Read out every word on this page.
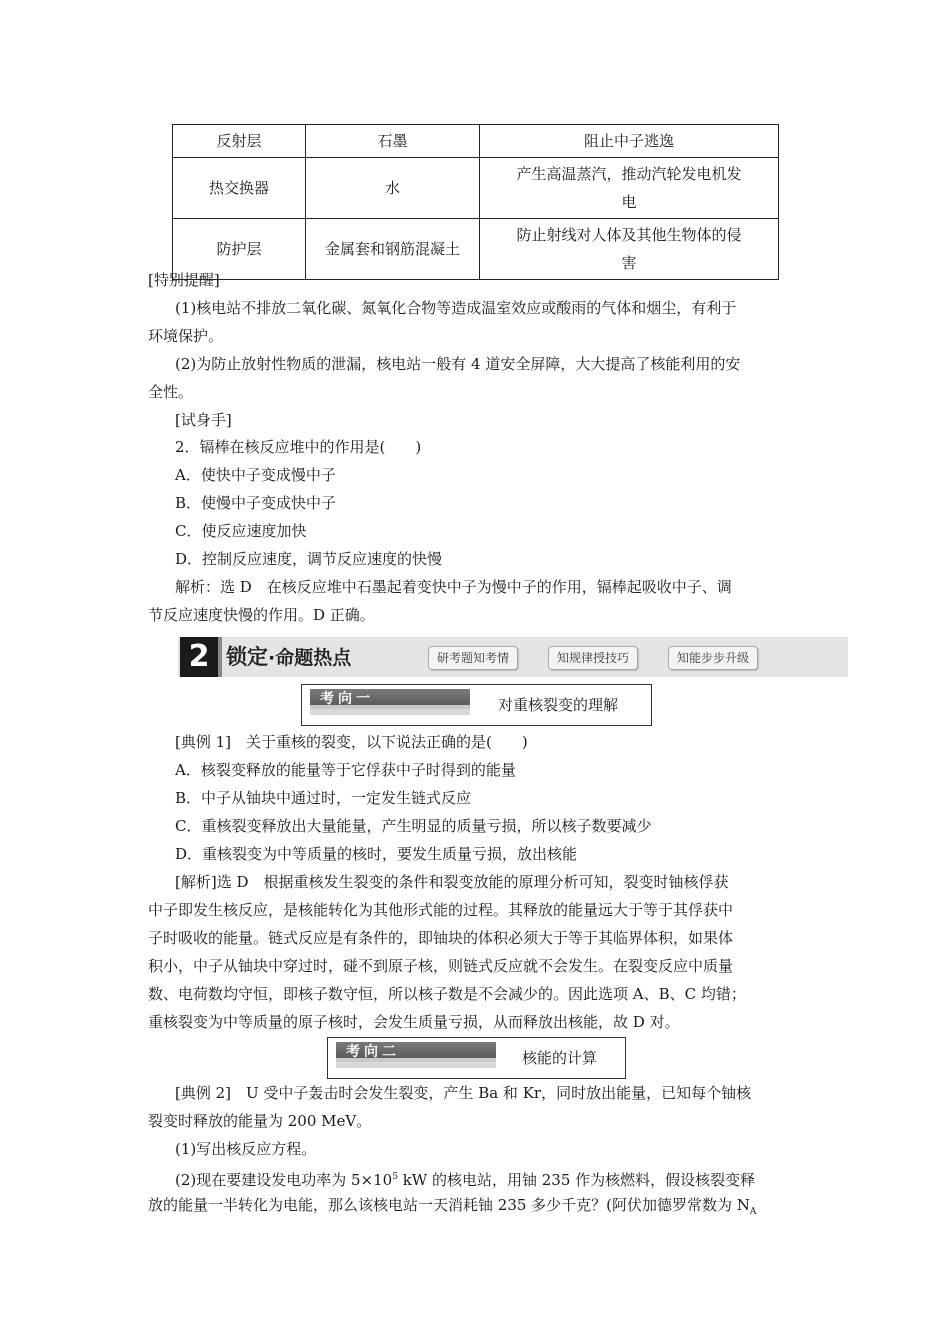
反射层	石墨	阻止中子逃逸
热交换器	水	产生高温蒸汽，推动汽轮发电机发
电
防护层	金属套和钢筋混凝土	防止射线对人体及其他生物体的侵
害

[特别提醒]

(1)核电站不排放二氧化碳、氮氧化合物等造成温室效应或酸雨的气体和烟尘，有利于

环境保护。

(2)为防止放射性物质的泄漏，核电站一般有 4 道安全屏障，大大提高了核能利用的安

全性。

[试身手]

2．镉棒在核反应堆中的作用是(　　)

A．使快中子变成慢中子

B．使慢中子变成快中子

C．使反应速度加快

D．控制反应速度，调节反应速度的快慢

解析：选 D　在核反应堆中石墨起着变快中子为慢中子的作用，镉棒起吸收中子、调

节反应速度快慢的作用。D 正确。

2 锁定·命题热点	研考题知考情	知规律授技巧	知能步步升级
考向一	对重核裂变的理解

[典例 1]　关于重核的裂变，以下说法正确的是(　　)

A．核裂变释放的能量等于它俘获中子时得到的能量

B．中子从铀块中通过时，一定发生链式反应

C．重核裂变释放出大量能量，产生明显的质量亏损，所以核子数要减少

D．重核裂变为中等质量的核时，要发生质量亏损，放出核能

[解析]选 D　根据重核发生裂变的条件和裂变放能的原理分析可知，裂变时铀核俘获

中子即发生核反应，是核能转化为其他形式能的过程。其释放的能量远大于等于其俘获中

子时吸收的能量。链式反应是有条件的，即铀块的体积必须大于等于其临界体积，如果体

积小，中子从铀块中穿过时，碰不到原子核，则链式反应就不会发生。在裂变反应中质量

数、电荷数均守恒，即核子数守恒，所以核子数是不会减少的。因此选项 A、B、C 均错；

重核裂变为中等质量的原子核时，会发生质量亏损，从而释放出核能，故 D 对。

考向二	核能的计算

[典例 2]　U 受中子轰击时会发生裂变，产生 Ba 和 Kr，同时放出能量，已知每个铀核

裂变时释放的能量为 200 MeV。

(1)写出核反应方程。

(2)现在要建设发电功率为 $5\times 10^5$ kW 的核电站，用铀 235 作为核燃料，假设核裂变释

放的能量一半转化为电能，那么该核电站一天消耗铀 235 多少千克？(阿伏加德罗常数为 $N_A$
